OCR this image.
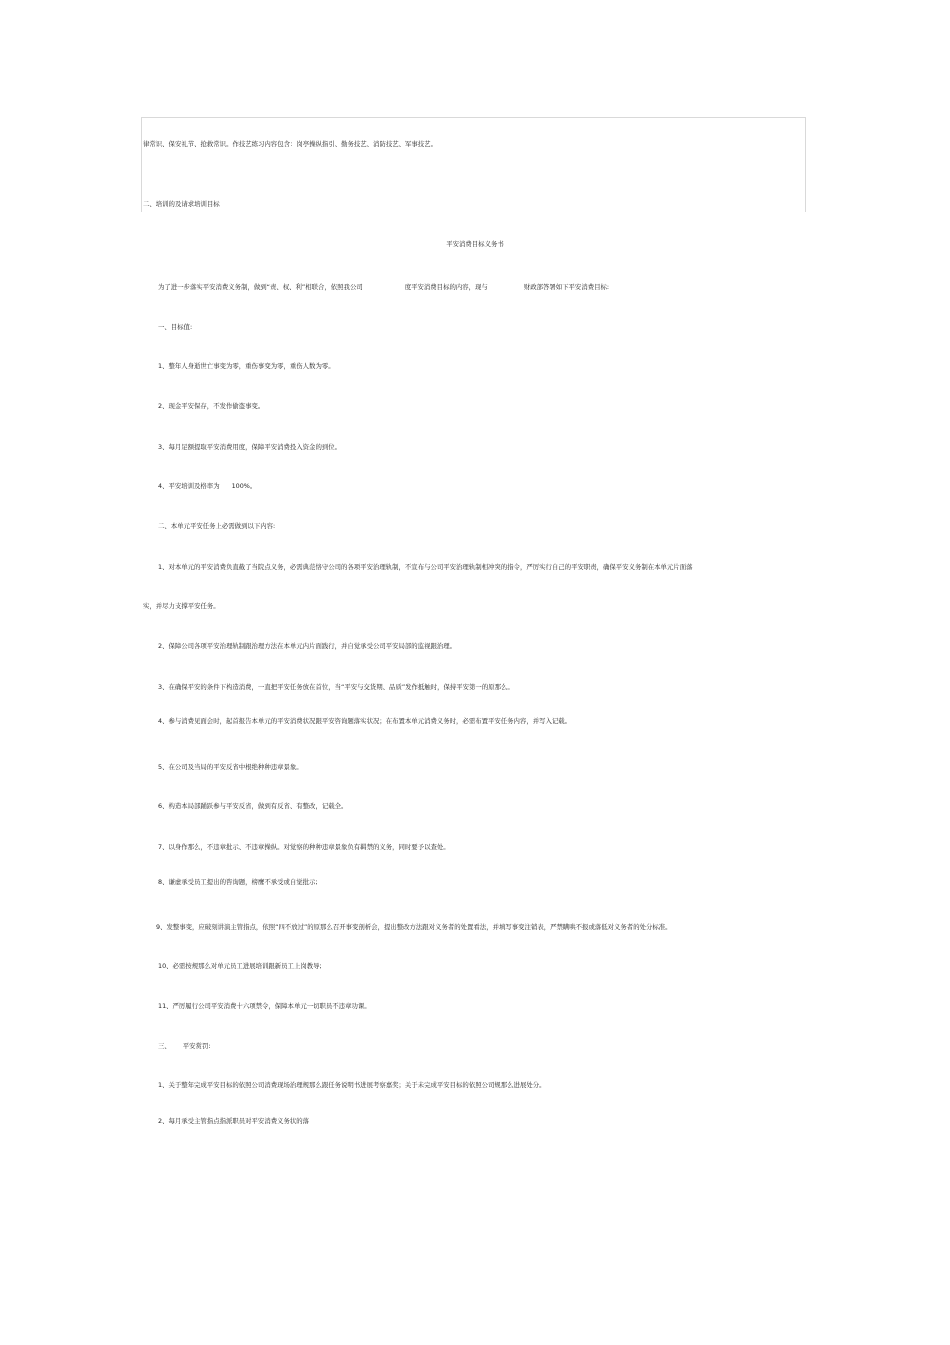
律常识、保安礼节、抢救常识。作技艺练习内容包含：岗亭操纵指引、勤务技艺、消防技艺、军事技艺。
二、培训的及请求培训目标
平安消费目标义务书
为了进一步落实平安消费义务制，做到“责、权、利”相联合，依照我公司	度平安消费目标的内容，现与	财政部答署如下平安消费目标:
一、目标值:
1、整年人身逝世亡事变为零，重伤事变为零，重伤人数为零。
2、现金平安保存，不发作偷盗事变。
3、每月足额提取平安消费用度，保障平安消费投入资金的到位。
4、平安培训及格率为 100%。
二、本单元平安任务上必需做到以下内容:
1、对本单元的平安消费负直截了当院点义务，必需典范恪守公司的各项平安治理轨制，不宣布与公司平安治理轨制相冲突的指令，严厉实行自己的平安职责，确保平安义务制在本单元片面落
实，并尽力支撑平安任务。
2、保障公司各项平安治理轨制跟治理方法在本单元内片面践行，并自觉承受公司平安局部的监视跟治理。
3、在确保平安的条件下构造消费，一直把平安任务放在首位，当“平安与交货期、品质”发作抵触时，保持平安第一的原那么。
4、参与消费见面会时，起首报告本单元的平安消费状况跟平安咨询题落实状况；在布置本单元消费义务时，必需布置平安任务内容，并写入记载。
5、在公司及当局的平安反省中根绝种种违章景象。
6、构造本局部踊跃参与平安反省，做到有反省、有整改，记载全。
7、以身作那么，不违章批示、不违章操纵。对觉察的种种违章景象负有羁禁的义务，同时要予以查处。
8、谦虚承受员工提出的咨询题，榜鹰不承受或自觉批示;
9、发整事变，应破刻讲演主管指点，依照“四不放过”的原那么召开事变剖析会，提出整改方法跟对义务者的处置看法，并填写事变注销表，严禁瞒哄不报或落低对义务者的处分标准。
10、必需按规那么对单元员工进展培训跟新员工上岗教导;
11、严厉履行公司平安消费十六项禁令，保障本单元一切职员不违章功课。
三、 平安赏罚:
1、关于整年完成平安目标的依照公司消费现场治理规那么跟任务说明书进展考察嘉奖；关于未完成平安目标的依照公司规那么进展处分。
2、每月承受主管指点指派职员对平安消费义务状的落
